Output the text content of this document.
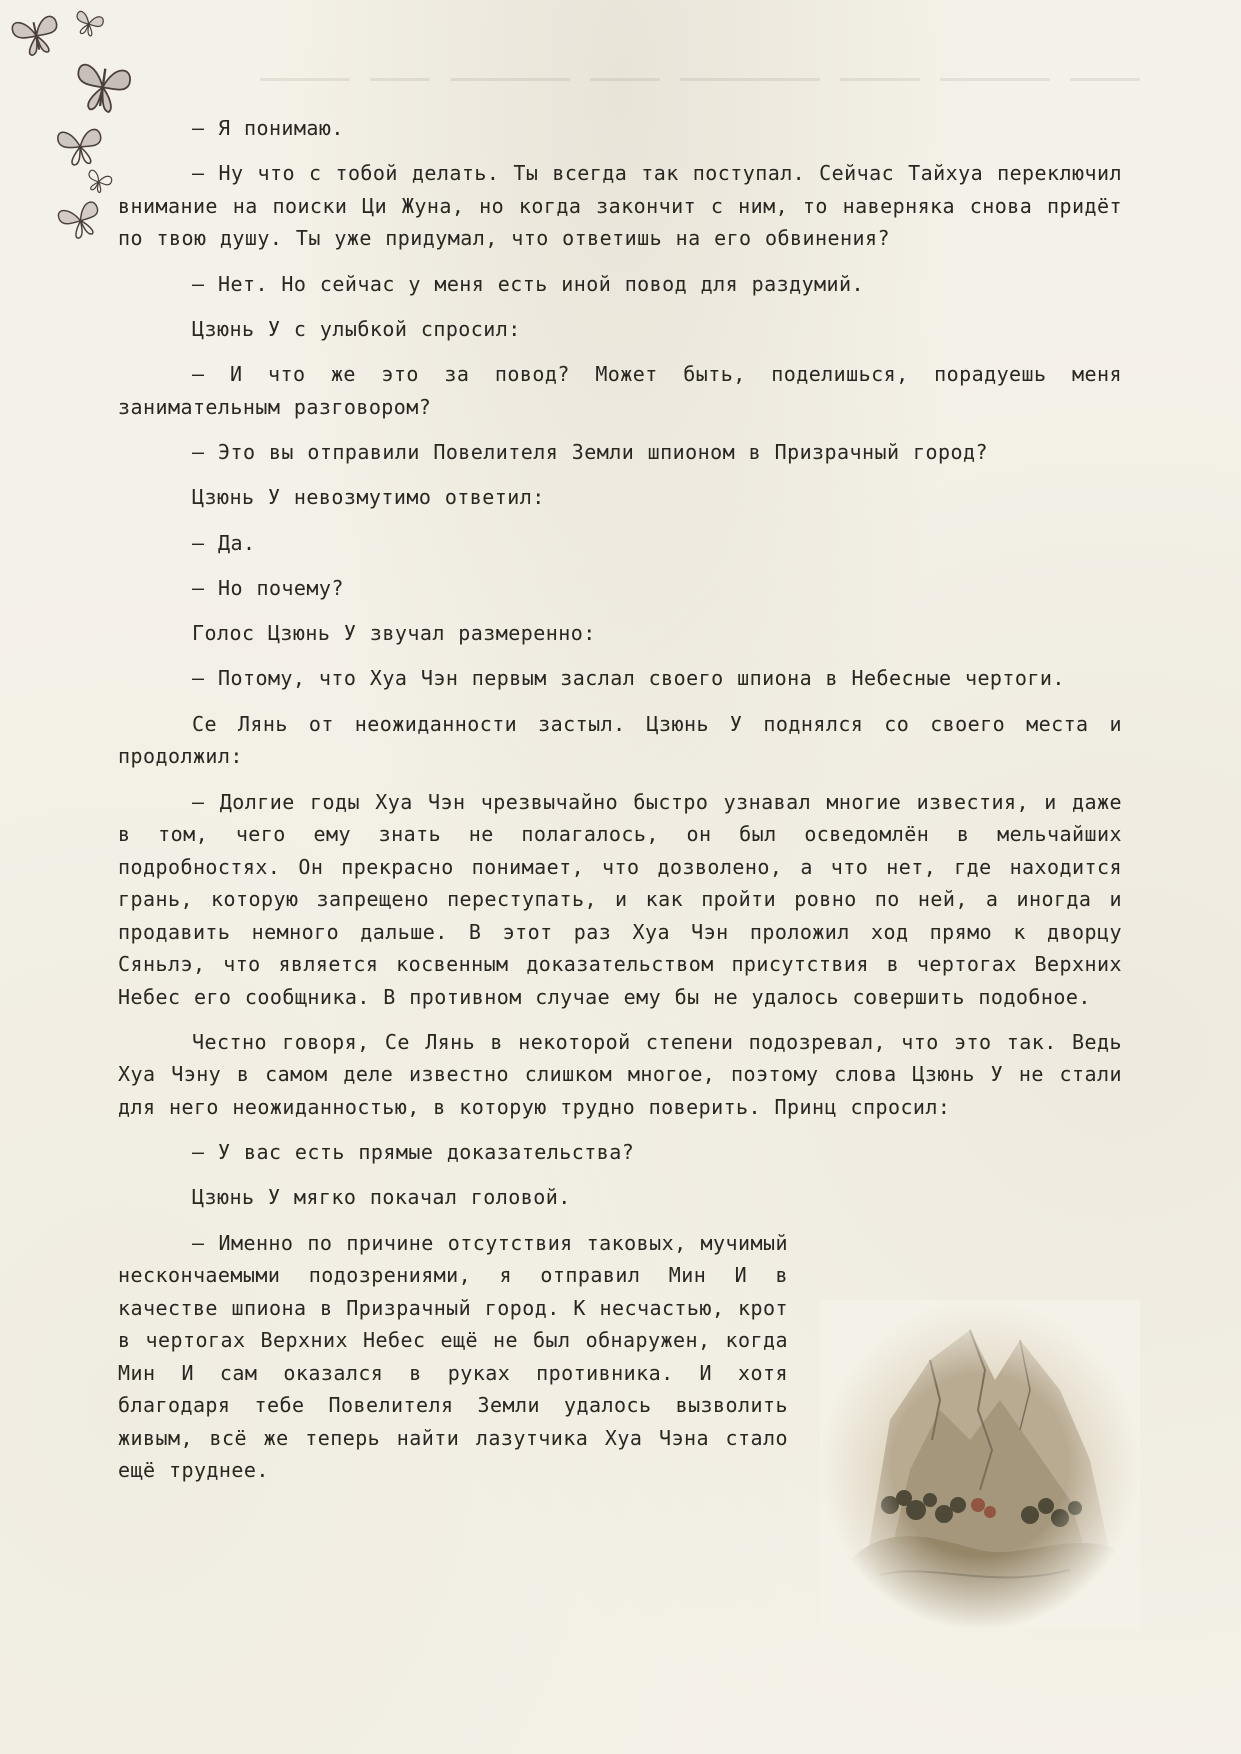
— Я понимаю.

— Ну что с тобой делать. Ты всегда так поступал. Сейчас Тайхуа переключил внимание на поиски Ци Жуна, но когда закончит с ним, то наверняка снова придёт по твою душу. Ты уже придумал, что ответишь на его обвинения?

— Нет. Но сейчас у меня есть иной повод для раздумий.

Цзюнь У с улыбкой спросил:

— И что же это за повод? Может быть, поделишься, порадуешь меня занимательным разговором?

— Это вы отправили Повелителя Земли шпионом в Призрачный город?

Цзюнь У невозмутимо ответил:

— Да.

— Но почему?

Голос Цзюнь У звучал размеренно:

— Потому, что Хуа Чэн первым заслал своего шпиона в Небесные чертоги.

Се Лянь от неожиданности застыл. Цзюнь У поднялся со своего места и продолжил:

— Долгие годы Хуа Чэн чрезвычайно быстро узнавал многие известия, и даже в том, чего ему знать не полагалось, он был осведомлён в мельчайших подробностях. Он прекрасно понимает, что дозволено, а что нет, где находится грань, которую запрещено переступать, и как пройти ровно по ней, а иногда и продавить немного дальше. В этот раз Хуа Чэн проложил ход прямо к дворцу Сяньлэ, что является косвенным доказательством присутствия в чертогах Верхних Небес его сообщника. В противном случае ему бы не удалось совершить подобное.

Честно говоря, Се Лянь в некоторой степени подозревал, что это так. Ведь Хуа Чэну в самом деле известно слишком многое, поэтому слова Цзюнь У не стали для него неожиданностью, в которую трудно поверить. Принц спросил:

— У вас есть прямые доказательства?

Цзюнь У мягко покачал головой.

— Именно по причине отсутствия таковых, мучимый нескончаемыми подозрениями, я отправил Мин И в качестве шпиона в Призрачный город. К несчастью, крот в чертогах Верхних Небес ещё не был обнаружен, когда Мин И сам оказался в руках противника. И хотя благодаря тебе Повелителя Земли удалось вызволить живым, всё же теперь найти лазутчика Хуа Чэна стало ещё труднее.
